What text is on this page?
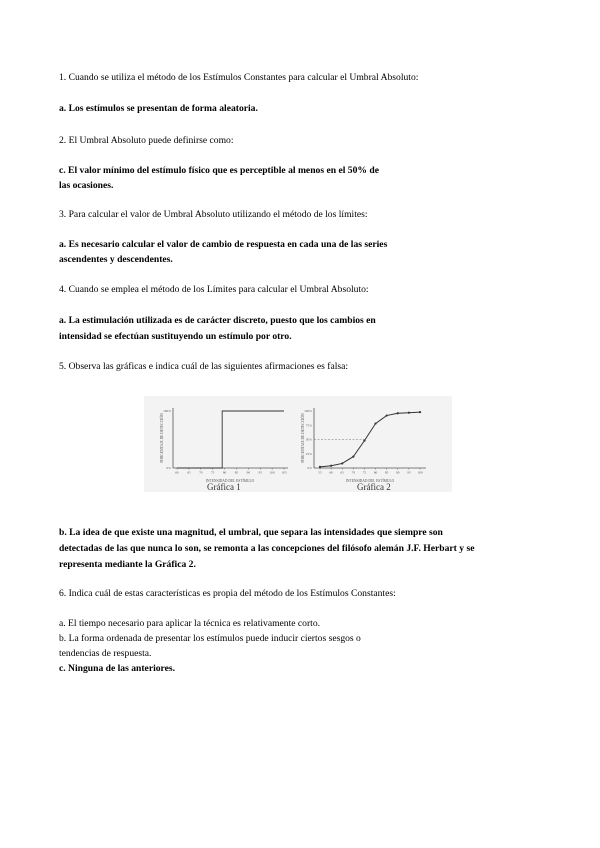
1. Cuando se utiliza el método de los Estímulos Constantes para calcular el Umbral Absoluto:
a. Los estímulos se presentan de forma aleatoria.
2. El Umbral Absoluto puede definirse como:
c. El valor mínimo del estímulo físico que es perceptible al menos en el 50% de
las ocasiones.
3. Para calcular el valor de Umbral Absoluto utilizando el método de los límites:
a. Es necesario calcular el valor de cambio de respuesta en cada una de las series
ascendentes y descendentes.
4. Cuando se emplea el método de los Límites para calcular el Umbral Absoluto:
a. La estimulación utilizada es de carácter discreto, puesto que los cambios en
intensidad se efectúan sustituyendo un estímulo por otro.
5. Observa las gráficas e indica cuál de las siguientes afirmaciones es falsa:
PORCENTAJE DE DETECCIÓN
INTENSIDAD DEL ESTÍMULO
60 65 70 75 80 85 90 95 100 105
0%
100%
PORCENTAJE DE DETECCIÓN
INTENSIDAD DEL ESTÍMULO
55 60 65 70 75 80 85 90 95 100
0%
25%
50%
75%
100%
Gráfica 1	Gráfica 2
b. La idea de que existe una magnitud, el umbral, que separa las intensidades que siempre son
detectadas de las que nunca lo son, se remonta a las concepciones del filósofo alemán J.F. Herbart y se
representa mediante la Gráfica 2.
6. Indica cuál de estas características es propia del método de los Estímulos Constantes:
a. El tiempo necesario para aplicar la técnica es relativamente corto.
b. La forma ordenada de presentar los estímulos puede inducir ciertos sesgos o
tendencias de respuesta.
c. Ninguna de las anteriores.
